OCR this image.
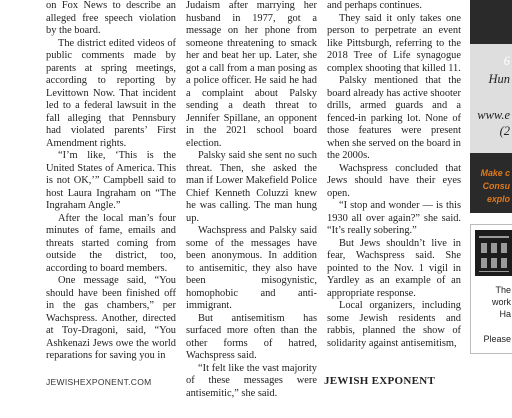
on Fox News to describe an alleged free speech violation by the board.

The district edited videos of public comments made by parents at spring meetings, according to reporting by Levittown Now. That incident led to a federal lawsuit in the fall alleging that Pennsbury had violated parents’ First Amendment rights.

“I’m like, ‘This is the United States of America. This is not OK,’” Campbell said to host Laura Ingraham on “The Ingraham Angle.”

After the local man’s four minutes of fame, emails and threats started coming from outside the district, too, according to board members.

One message said, “You should have been finished off in the gas chambers,” per Wachspress. Another, directed at Toy-Dragoni, said, “You Ashkenazi Jews owe the world reparations for saving you in

Judaism after marrying her husband in 1977, got a message on her phone from someone threatening to smack her and beat her up. Later, she got a call from a man posing as a police officer. He said he had a complaint about Palsky sending a death threat to Jennifer Spillane, an opponent in the 2021 school board election.

Palsky said she sent no such threat. Then, she asked the man if Lower Makefield Police Chief Kenneth Coluzzi knew he was calling. The man hung up.

Wachspress and Palsky said some of the messages have been anonymous. In addition to antisemitic, they also have been misogynistic, homophobic and anti-immigrant.

But antisemitism has surfaced more often than the other forms of hatred, Wachspress said.

“It felt like the vast majority of these messages were antisemitic,” she said.

and perhaps continues.

They said it only takes one person to perpetrate an event like Pittsburgh, referring to the 2018 Tree of Life synagogue complex shooting that killed 11.

Palsky mentioned that the board already has active shooter drills, armed guards and a fenced-in parking lot. None of those features were present when she served on the board in the 2000s.

Wachspress concluded that Jews should have their eyes open.

“I stop and wonder — is this 1930 all over again?” she said. “It’s really sobering.”

But Jews shouldn’t live in fear, Wachspress said. She pointed to the Nov. 1 vigil in Yardley as an example of an appropriate response.

Local organizers, including some Jewish residents and rabbis, planned the show of solidarity against antisemitism,

6
Hun
www.e
(2
Make c
Consu
explo
The
work
Ha
Please
JEWISHEXPONENT.COM	JEWISH EXPONENT
